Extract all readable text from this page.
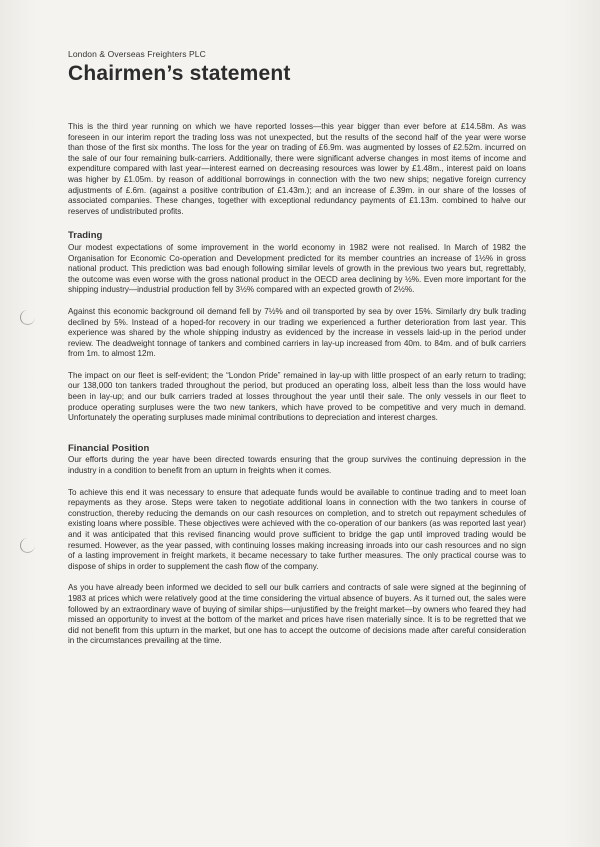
London & Overseas Freighters PLC
Chairmen’s statement

This is the third year running on which we have reported losses—this year bigger than ever before at £14.58m. As was foreseen in our interim report the trading loss was not unexpected, but the results of the second half of the year were worse than those of the first six months. The loss for the year on trading of £6.9m. was augmented by losses of £2.52m. incurred on the sale of our four remaining bulk-carriers. Additionally, there were significant adverse changes in most items of income and expenditure compared with last year—interest earned on decreasing resources was lower by £1.48m., interest paid on loans was higher by £1.05m. by reason of additional borrowings in connection with the two new ships; negative foreign currency adjustments of £.6m. (against a positive contribution of £1.43m.); and an increase of £.39m. in our share of the losses of associated companies. These changes, together with exceptional redundancy payments of £1.13m. combined to halve our reserves of undistributed profits.

Trading

Our modest expectations of some improvement in the world economy in 1982 were not realised. In March of 1982 the Organisation for Economic Co-operation and Development predicted for its member countries an increase of 1½% in gross national product. This prediction was bad enough following similar levels of growth in the previous two years but, regrettably, the outcome was even worse with the gross national product in the OECD area declining by ½%. Even more important for the shipping industry—industrial production fell by 3½% compared with an expected growth of 2½%.

Against this economic background oil demand fell by 7½% and oil transported by sea by over 15%. Similarly dry bulk trading declined by 5%. Instead of a hoped-for recovery in our trading we experienced a further deterioration from last year. This experience was shared by the whole shipping industry as evidenced by the increase in vessels laid-up in the period under review. The deadweight tonnage of tankers and combined carriers in lay-up increased from 40m. to 84m. and of bulk carriers from 1m. to almost 12m.

The impact on our fleet is self-evident; the “London Pride” remained in lay-up with little prospect of an early return to trading; our 138,000 ton tankers traded throughout the period, but produced an operating loss, albeit less than the loss would have been in lay-up; and our bulk carriers traded at losses throughout the year until their sale. The only vessels in our fleet to produce operating surpluses were the two new tankers, which have proved to be competitive and very much in demand. Unfortunately the operating surpluses made minimal contributions to depreciation and interest charges.

Financial Position

Our efforts during the year have been directed towards ensuring that the group survives the continuing depression in the industry in a condition to benefit from an upturn in freights when it comes.

To achieve this end it was necessary to ensure that adequate funds would be available to continue trading and to meet loan repayments as they arose. Steps were taken to negotiate additional loans in connection with the two tankers in course of construction, thereby reducing the demands on our cash resources on completion, and to stretch out repayment schedules of existing loans where possible. These objectives were achieved with the co-operation of our bankers (as was reported last year) and it was anticipated that this revised financing would prove sufficient to bridge the gap until improved trading would be resumed. However, as the year passed, with continuing losses making increasing inroads into our cash resources and no sign of a lasting improvement in freight markets, it became necessary to take further measures. The only practical course was to dispose of ships in order to supplement the cash flow of the company.

As you have already been informed we decided to sell our bulk carriers and contracts of sale were signed at the beginning of 1983 at prices which were relatively good at the time considering the virtual absence of buyers. As it turned out, the sales were followed by an extraordinary wave of buying of similar ships—unjustified by the freight market—by owners who feared they had missed an opportunity to invest at the bottom of the market and prices have risen materially since. It is to be regretted that we did not benefit from this upturn in the market, but one has to accept the outcome of decisions made after careful consideration in the circumstances prevailing at the time.
